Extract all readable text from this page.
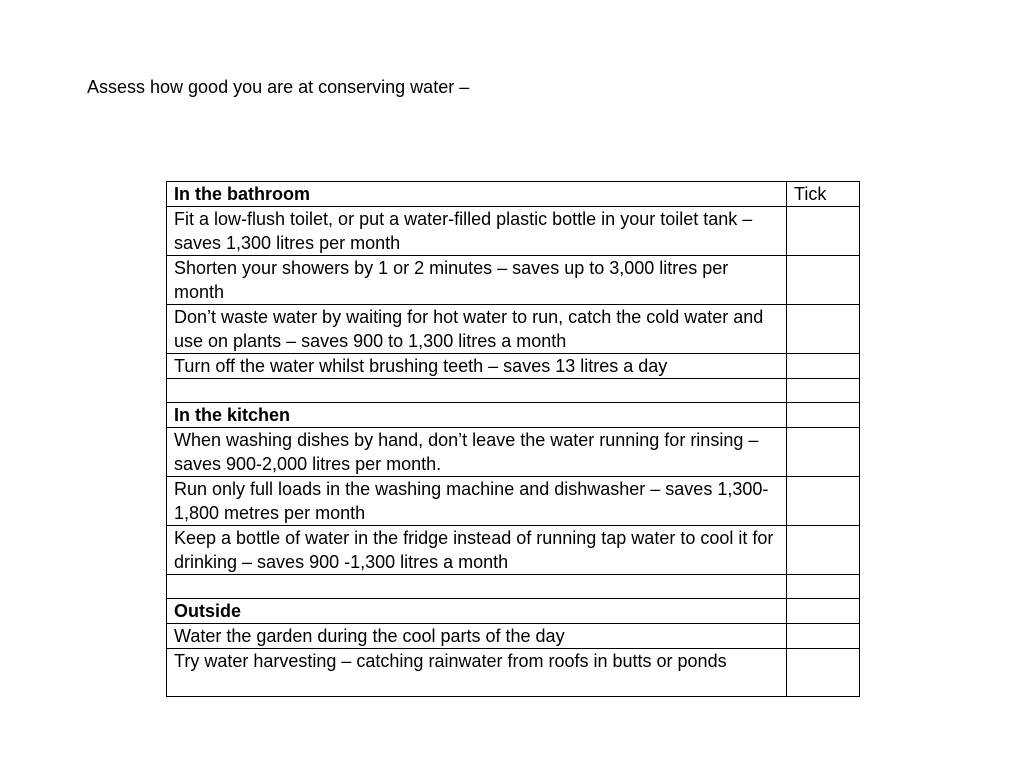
Assess how good you are at conserving water –
In the bathroom	Tick
Fit a low-flush toilet, or put a water-filled plastic bottle in your toilet tank – saves 1,300 litres per month	
Shorten your showers by 1 or 2 minutes – saves up to 3,000 litres per month	
Don’t waste water by waiting for hot water to run, catch the cold water and use on plants – saves 900 to 1,300 litres a month	
Turn off the water whilst brushing teeth – saves 13 litres a day	

In the kitchen	
When washing dishes by hand, don’t leave the water running for rinsing – saves 900-2,000 litres per month.	
Run only full loads in the washing machine and dishwasher – saves 1,300-1,800 metres per month	
Keep a bottle of water in the fridge instead of running tap water to cool it for drinking – saves 900 -1,300 litres a month	

Outside	
Water the garden during the cool parts of the day	
Try water harvesting – catching rainwater from roofs in butts or ponds	
